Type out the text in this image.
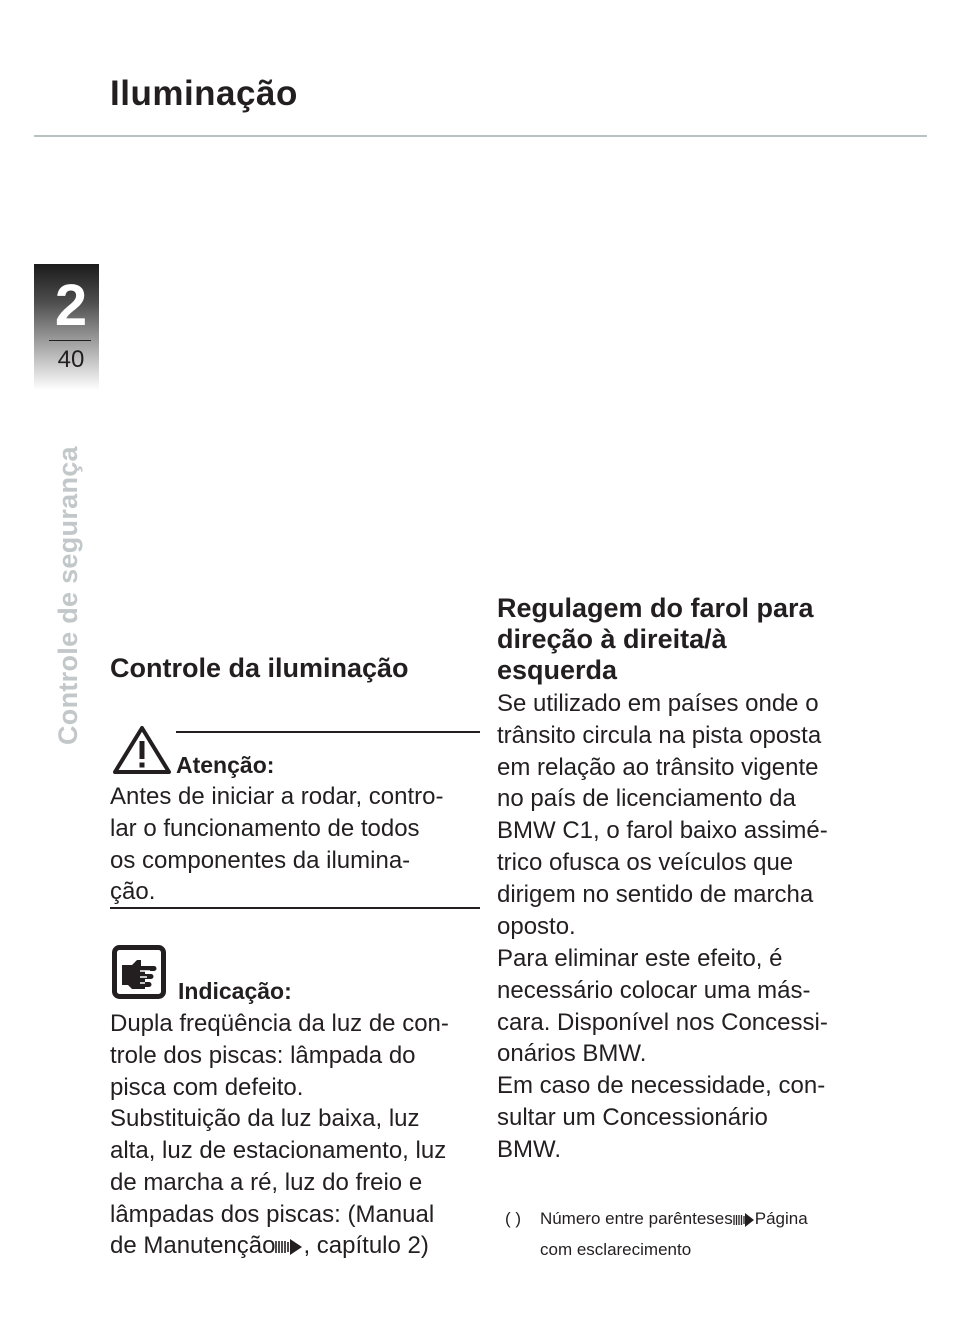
Iluminação
2
40
Controle de segurança Controle da iluminação

Atenção:

Antes de iniciar a rodar, contro-
lar o funcionamento de todos
os componentes da ilumina-
ção.

Indicação:

Dupla freqüência da luz de con-
trole dos piscas: lâmpada do
pisca com defeito.
Substituição da luz baixa, luz
alta, luz de estacionamento, luz
de marcha a ré, luz do freio e
lâmpadas dos piscas: (Manual

de Manutenção , capítulo 2)

Regulagem do farol para
direção à direita/à
esquerda

Se utilizado em países onde o
trânsito circula na pista oposta
em relação ao trânsito vigente
no país de licenciamento da
BMW C1, o farol baixo assimé-
trico ofusca os veículos que
dirigem no sentido de marcha
oposto.

Para eliminar este efeito, é
necessário colocar uma más-
cara. Disponível nos Concessi-
onários BMW.

Em caso de necessidade, con-
sultar um Concessionário
BMW.

( ) Número entre parênteses Página

com esclarecimento
